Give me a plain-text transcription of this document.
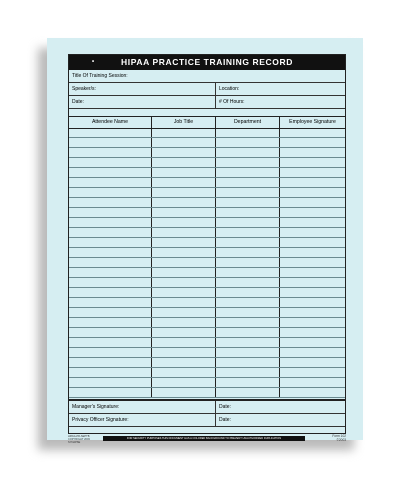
•	HIPAA PRACTICE TRAINING RECORD
Title Of Training Session:
Speaker/s:	Location:
Date:	# Of Hours:
Attendee Name	Job Title	Department	Employee Signature
Manager's Signature:	Date:
Privacy Officer Signature:	Date:
HIPAA-PR-SEPTB
COPYRIGHT 2003
SYNAPSE
FOR SECURITY PURPOSES THIS DOCUMENT HAS A COLORED BACKGROUND TO PREVENT UNAUTHORIZED DUPLICATION
Form 102
©2003
